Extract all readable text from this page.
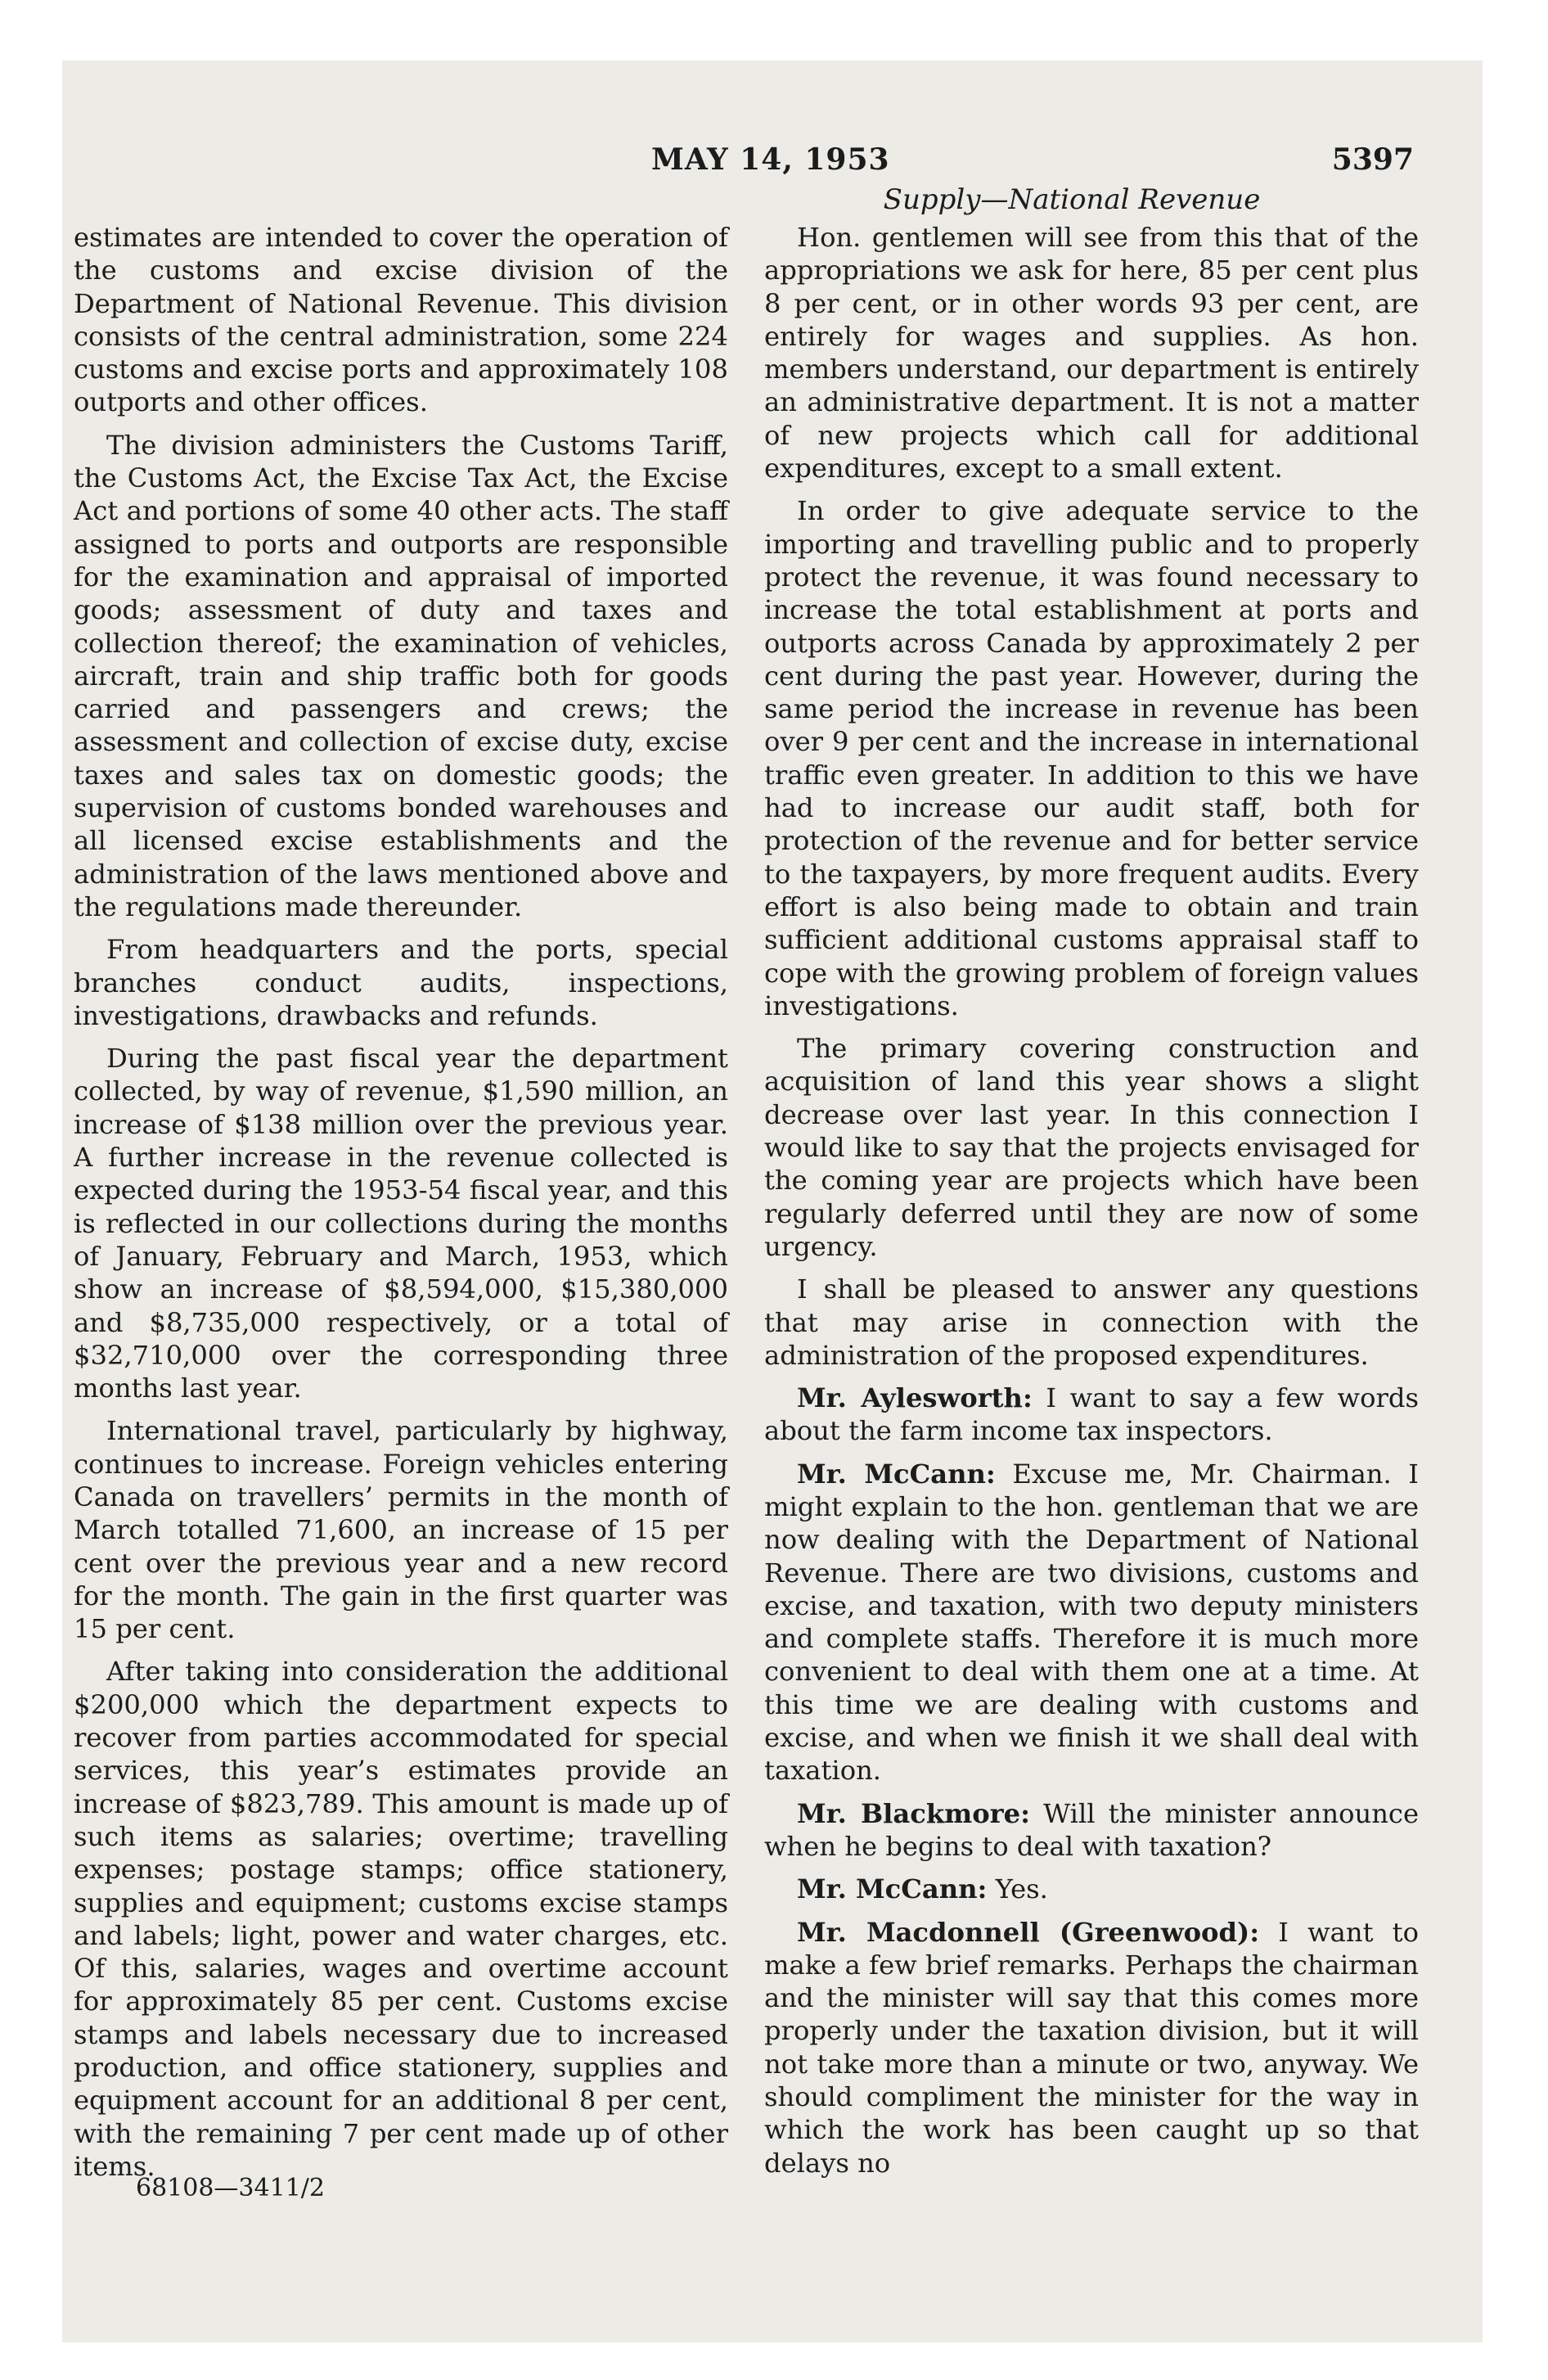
MAY 14, 1953	5397
Supply—National Revenue

estimates are intended to cover the operation of the customs and excise division of the Department of National Revenue. This division consists of the central administration, some 224 customs and excise ports and approximately 108 outports and other offices.

The division administers the Customs Tariff, the Customs Act, the Excise Tax Act, the Excise Act and portions of some 40 other acts. The staff assigned to ports and outports are responsible for the examination and appraisal of imported goods; assessment of duty and taxes and collection thereof; the examination of vehicles, aircraft, train and ship traffic both for goods carried and passengers and crews; the assessment and collection of excise duty, excise taxes and sales tax on domestic goods; the supervision of customs bonded warehouses and all licensed excise establishments and the administration of the laws mentioned above and the regulations made thereunder.

From headquarters and the ports, special branches conduct audits, inspections, investigations, drawbacks and refunds.

During the past fiscal year the department collected, by way of revenue, $1,590 million, an increase of $138 million over the previous year. A further increase in the revenue collected is expected during the 1953-54 fiscal year, and this is reflected in our collections during the months of January, February and March, 1953, which show an increase of $8,594,000, $15,380,000 and $8,735,000 respectively, or a total of $32,710,000 over the corresponding three months last year.

International travel, particularly by highway, continues to increase. Foreign vehicles entering Canada on travellers’ permits in the month of March totalled 71,600, an increase of 15 per cent over the previous year and a new record for the month. The gain in the first quarter was 15 per cent.

After taking into consideration the additional $200,000 which the department expects to recover from parties accommodated for special services, this year’s estimates provide an increase of $823,789. This amount is made up of such items as salaries; overtime; travelling expenses; postage stamps; office stationery, supplies and equipment; customs excise stamps and labels; light, power and water charges, etc. Of this, salaries, wages and overtime account for approximately 85 per cent. Customs excise stamps and labels necessary due to increased production, and office stationery, supplies and equipment account for an additional 8 per cent, with the remaining 7 per cent made up of other items.

68108—3411/2

Hon. gentlemen will see from this that of the appropriations we ask for here, 85 per cent plus 8 per cent, or in other words 93 per cent, are entirely for wages and supplies. As hon. members understand, our department is entirely an administrative department. It is not a matter of new projects which call for additional expenditures, except to a small extent.

In order to give adequate service to the importing and travelling public and to properly protect the revenue, it was found necessary to increase the total establishment at ports and outports across Canada by approximately 2 per cent during the past year. However, during the same period the increase in revenue has been over 9 per cent and the increase in international traffic even greater. In addition to this we have had to increase our audit staff, both for protection of the revenue and for better service to the taxpayers, by more frequent audits. Every effort is also being made to obtain and train sufficient additional customs appraisal staff to cope with the growing problem of foreign values investigations.

The primary covering construction and acquisition of land this year shows a slight decrease over last year. In this connection I would like to say that the projects envisaged for the coming year are projects which have been regularly deferred until they are now of some urgency.

I shall be pleased to answer any questions that may arise in connection with the administration of the proposed expenditures.

Mr. Aylesworth: I want to say a few words about the farm income tax inspectors.

Mr. McCann: Excuse me, Mr. Chairman. I might explain to the hon. gentleman that we are now dealing with the Department of National Revenue. There are two divisions, customs and excise, and taxation, with two deputy ministers and complete staffs. Therefore it is much more convenient to deal with them one at a time. At this time we are dealing with customs and excise, and when we finish it we shall deal with taxation.

Mr. Blackmore: Will the minister announce when he begins to deal with taxation?

Mr. McCann: Yes.

Mr. Macdonnell (Greenwood): I want to make a few brief remarks. Perhaps the chairman and the minister will say that this comes more properly under the taxation division, but it will not take more than a minute or two, anyway. We should compliment the minister for the way in which the work has been caught up so that delays no
